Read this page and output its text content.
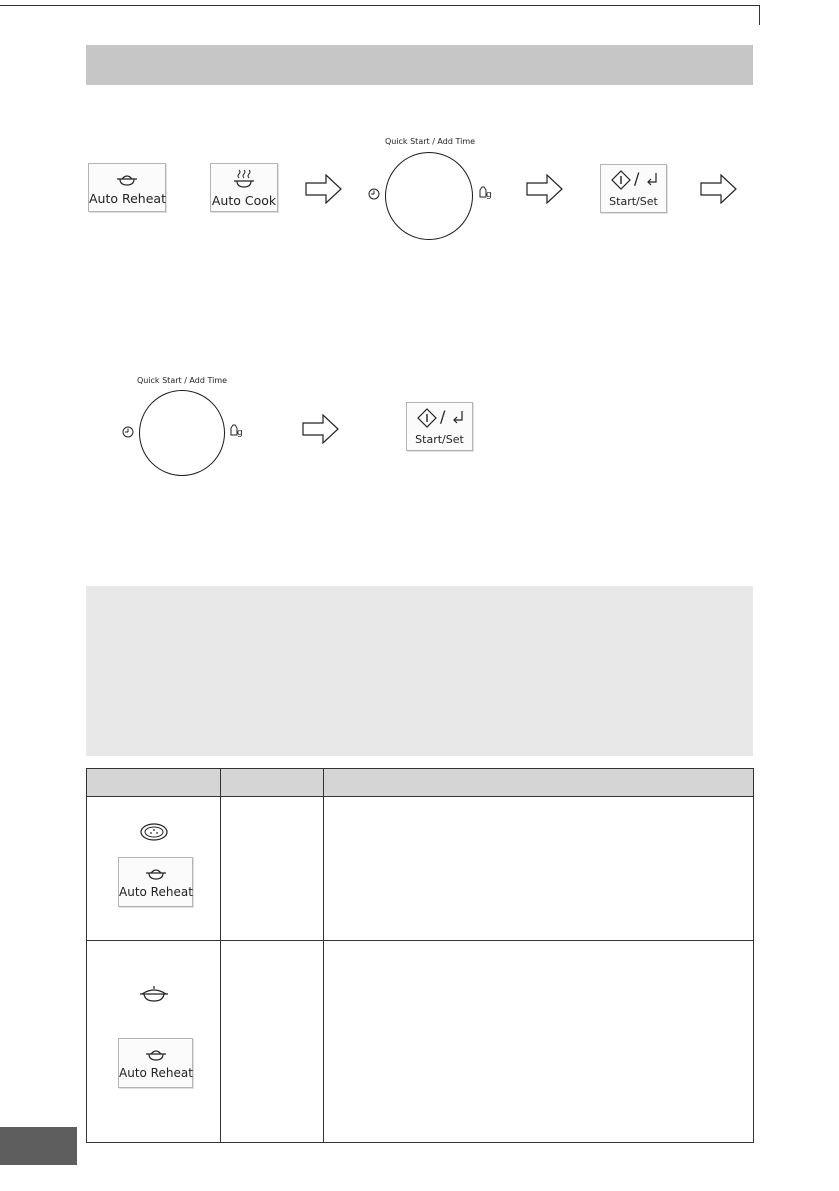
Auto Reheat	Auto Cook
Quick Start / Add Time
g
/
Start/Set
Quick Start / Add Time
g
/
Start/Set

Auto Reheat		

Auto Reheat		
